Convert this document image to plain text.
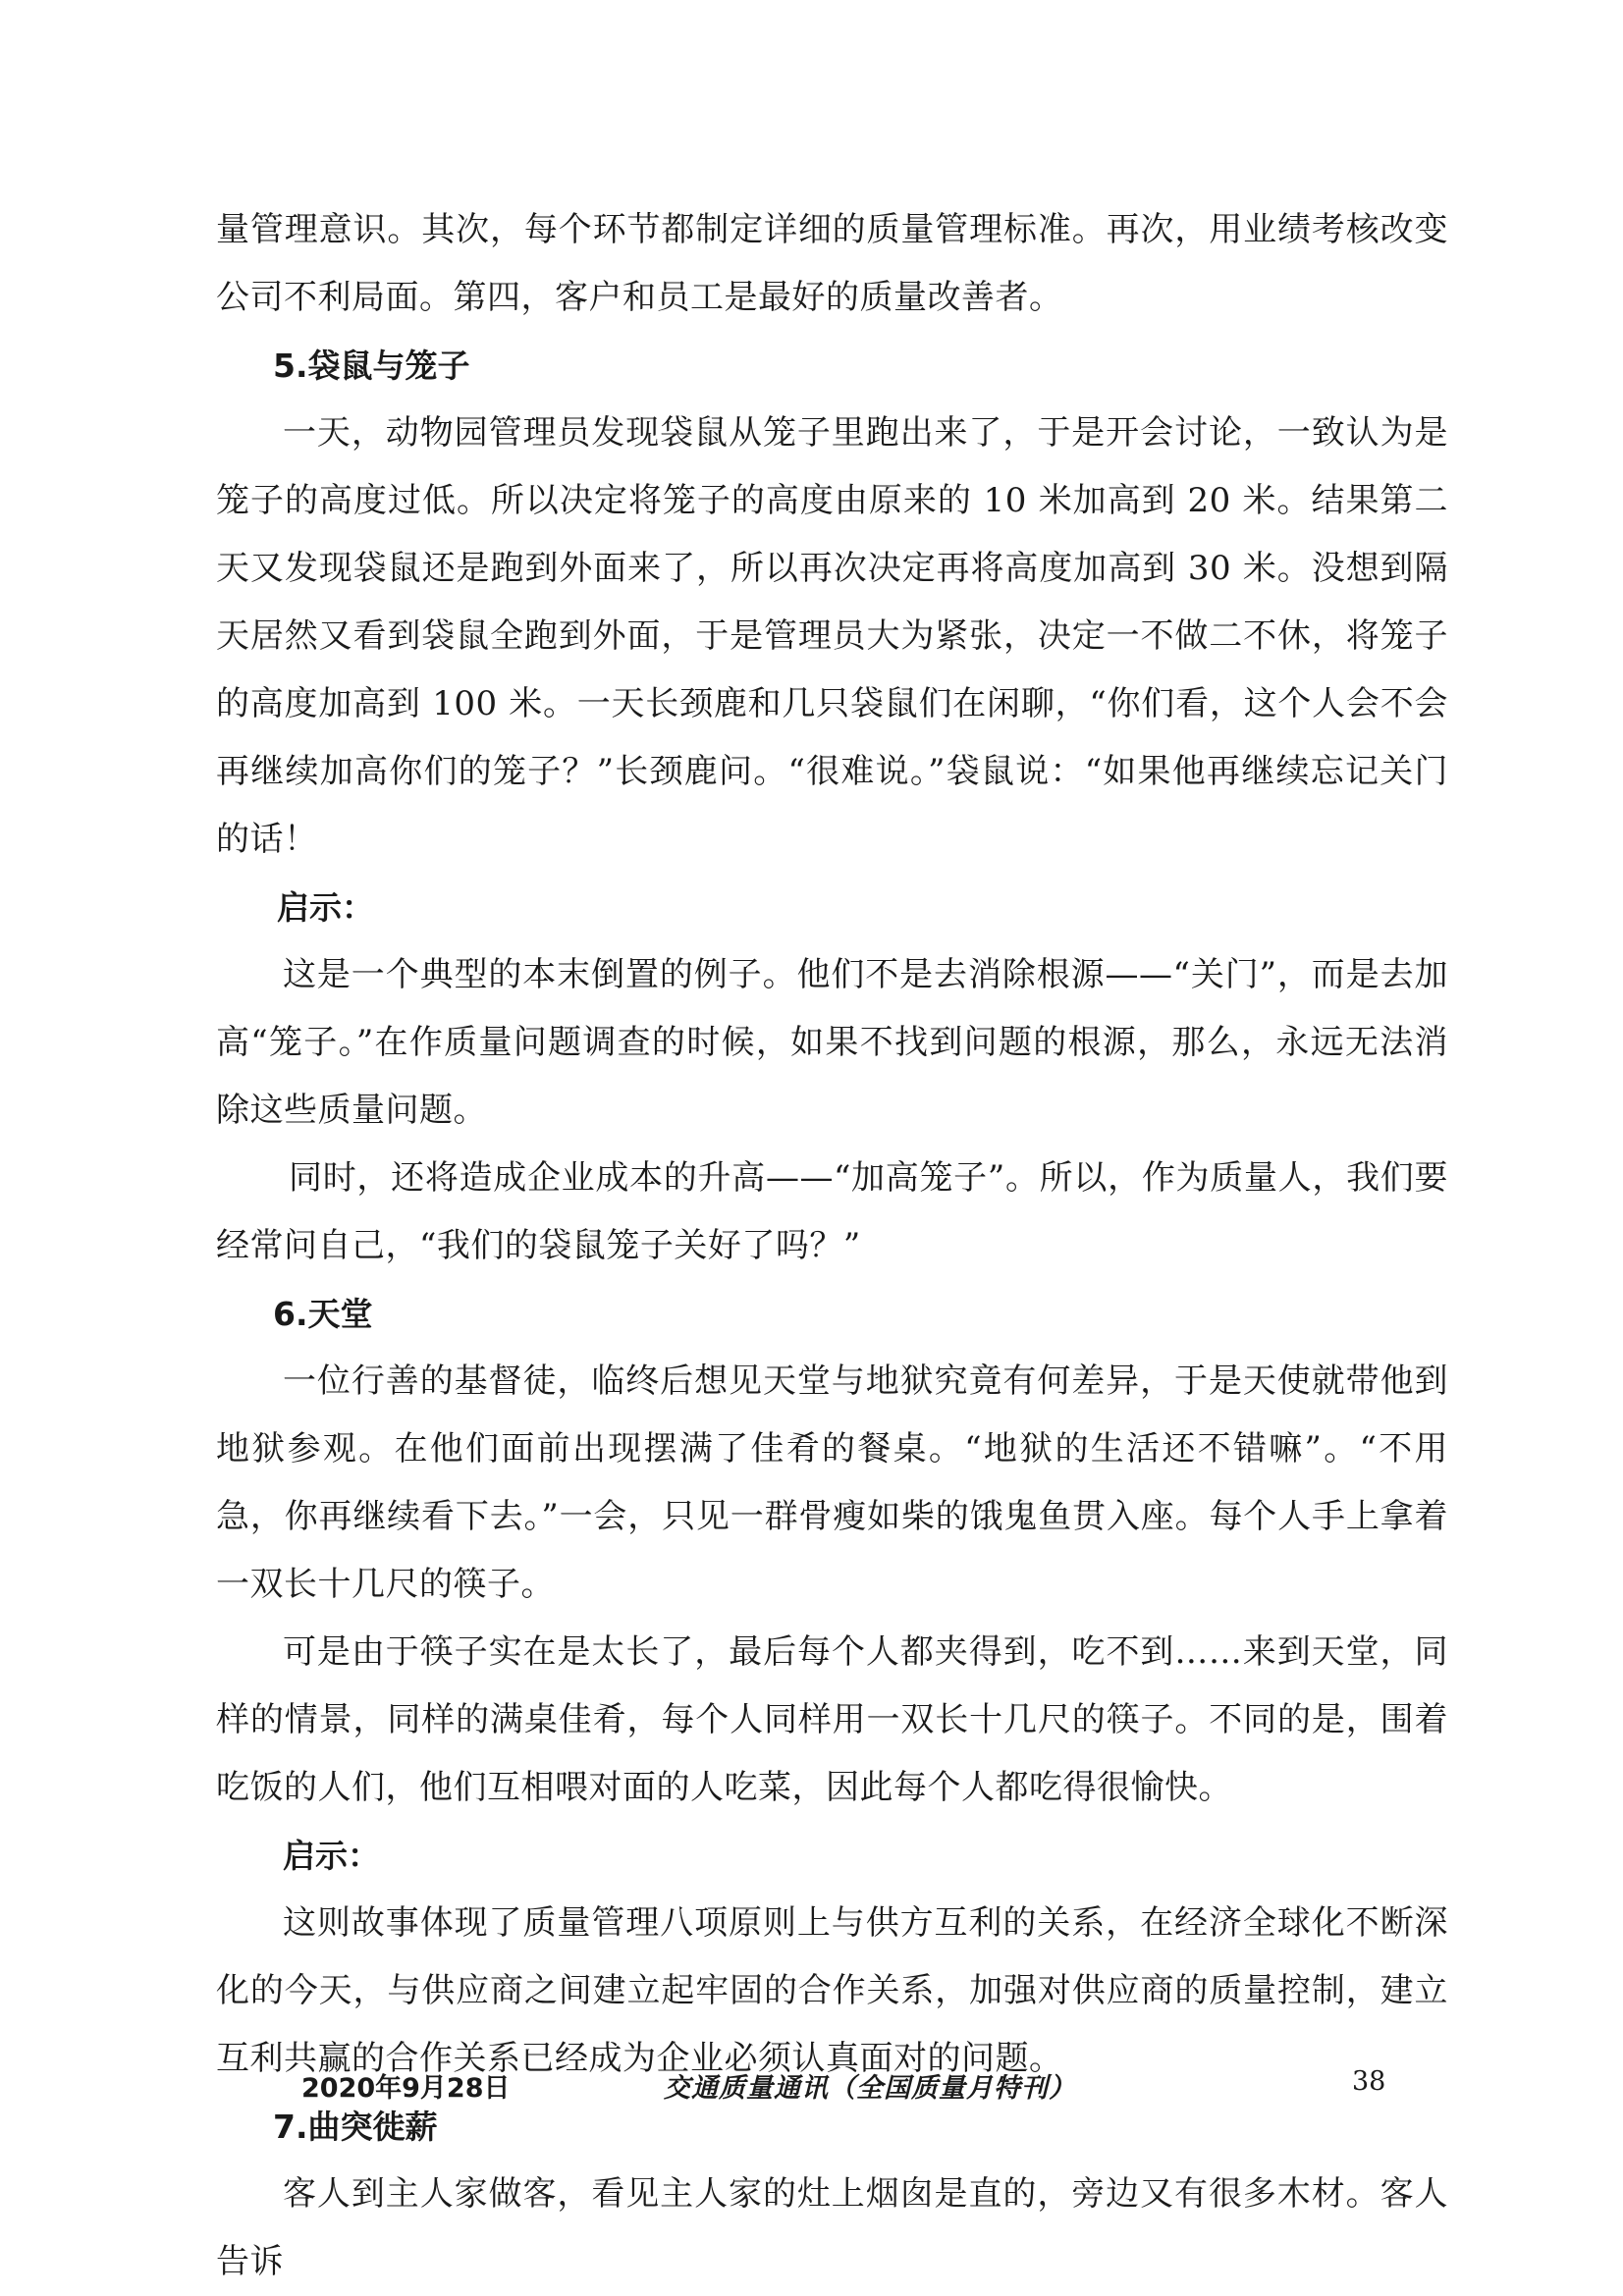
量管理意识。其次，每个环节都制定详细的质量管理标准。再次，用业绩考核改变公司不利局面。第四，客户和员工是最好的质量改善者。

5.袋鼠与笼子

一天，动物园管理员发现袋鼠从笼子里跑出来了，于是开会讨论，一致认为是笼子的高度过低。所以决定将笼子的高度由原来的 10 米加高到 20 米。结果第二天又发现袋鼠还是跑到外面来了，所以再次决定再将高度加高到 30 米。没想到隔天居然又看到袋鼠全跑到外面，于是管理员大为紧张，决定一不做二不休，将笼子的高度加高到 100 米。一天长颈鹿和几只袋鼠们在闲聊，“你们看，这个人会不会再继续加高你们的笼子？”长颈鹿问。“很难说。”袋鼠说：“如果他再继续忘记关门的话！

启示：

这是一个典型的本末倒置的例子。他们不是去消除根源——“关门”，而是去加高“笼子。”在作质量问题调查的时候，如果不找到问题的根源，那么，永远无法消除这些质量问题。

同时，还将造成企业成本的升高——“加高笼子”。所以，作为质量人，我们要经常问自己，“我们的袋鼠笼子关好了吗？”

6.天堂

一位行善的基督徒，临终后想见天堂与地狱究竟有何差异，于是天使就带他到地狱参观。在他们面前出现摆满了佳肴的餐桌。“地狱的生活还不错嘛”。“不用急，你再继续看下去。”一会，只见一群骨瘦如柴的饿鬼鱼贯入座。每个人手上拿着一双长十几尺的筷子。

可是由于筷子实在是太长了，最后每个人都夹得到，吃不到……来到天堂，同样的情景，同样的满桌佳肴，每个人同样用一双长十几尺的筷子。不同的是，围着吃饭的人们，他们互相喂对面的人吃菜，因此每个人都吃得很愉快。

启示：

这则故事体现了质量管理八项原则上与供方互利的关系，在经济全球化不断深化的今天，与供应商之间建立起牢固的合作关系，加强对供应商的质量控制，建立互利共赢的合作关系已经成为企业必须认真面对的问题。

7.曲突徙薪

客人到主人家做客，看见主人家的灶上烟囱是直的，旁边又有很多木材。客人告诉

2020年9月28日	交通质量通讯（全国质量月特刊）	38
